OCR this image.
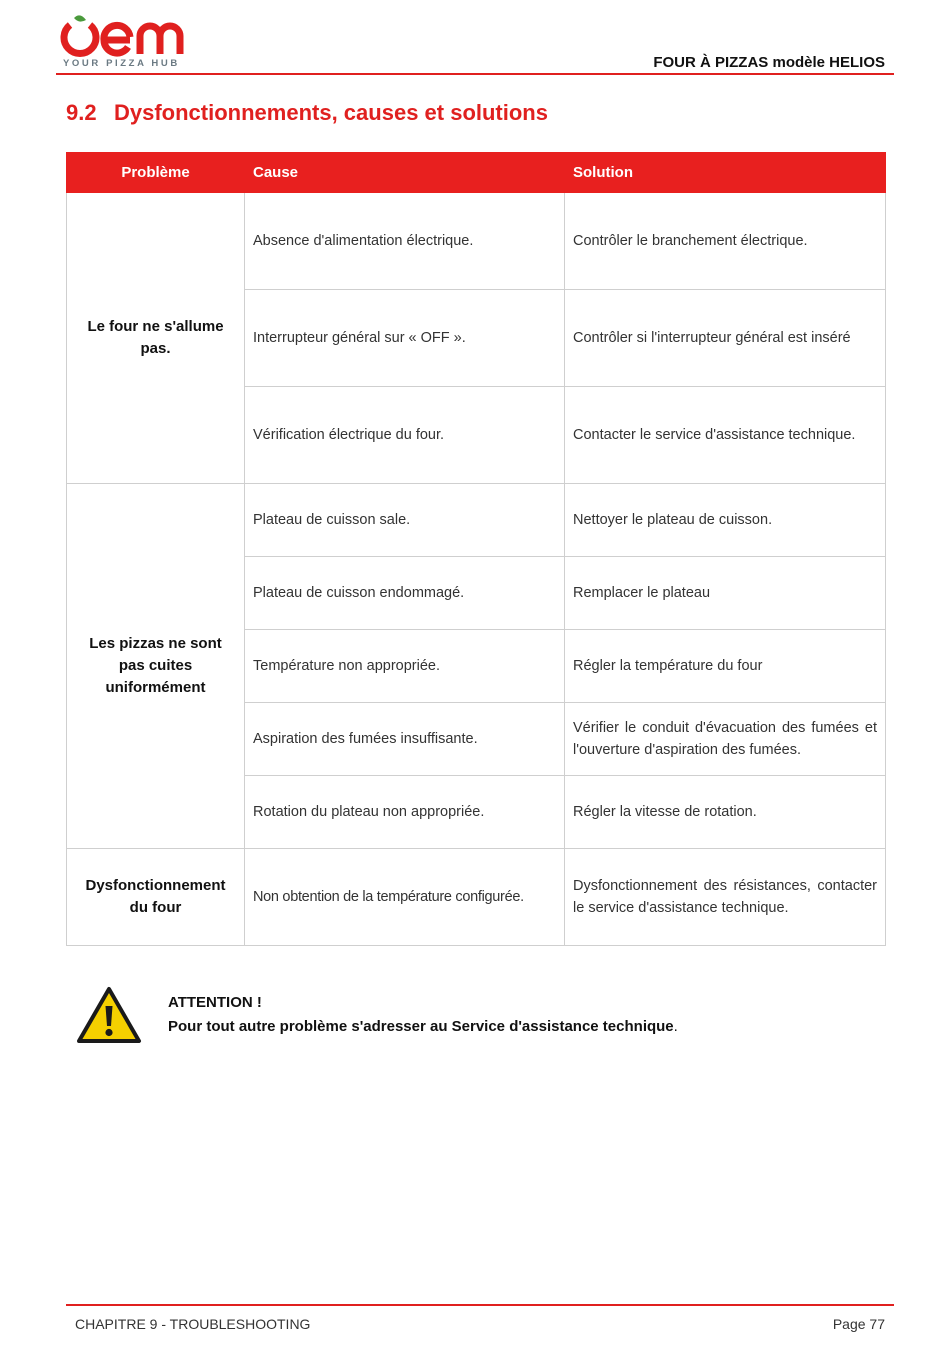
YOUR PIZZA HUB	FOUR À PIZZAS modèle HELIOS
9.2 Dysfonctionnements, causes et solutions
Problème	Cause	Solution
Le four ne s'allume pas.	Absence d'alimentation électrique.	Contrôler le branchement électrique.
	Interrupteur général sur « OFF ».	Contrôler si l'interrupteur général est inséré
	Vérification électrique du four.	Contacter le service d'assistance technique.
Les pizzas ne sont pas cuites uniformément	Plateau de cuisson sale.	Nettoyer le plateau de cuisson.
	Plateau de cuisson endommagé.	Remplacer le plateau
	Température non appropriée.	Régler la température du four
	Aspiration des fumées insuffisante.	Vérifier le conduit d'évacuation des fumées et l'ouverture d'aspiration des fumées.
	Rotation du plateau non appropriée.	Régler la vitesse de rotation.
Dysfonctionnement du four	Non obtention de la température configurée.	Dysfonctionnement des résistances, contacter le service d'assistance technique.
ATTENTION !
Pour tout autre problème s'adresser au Service d'assistance technique.
CHAPITRE 9 - TROUBLESHOOTING	Page 77
